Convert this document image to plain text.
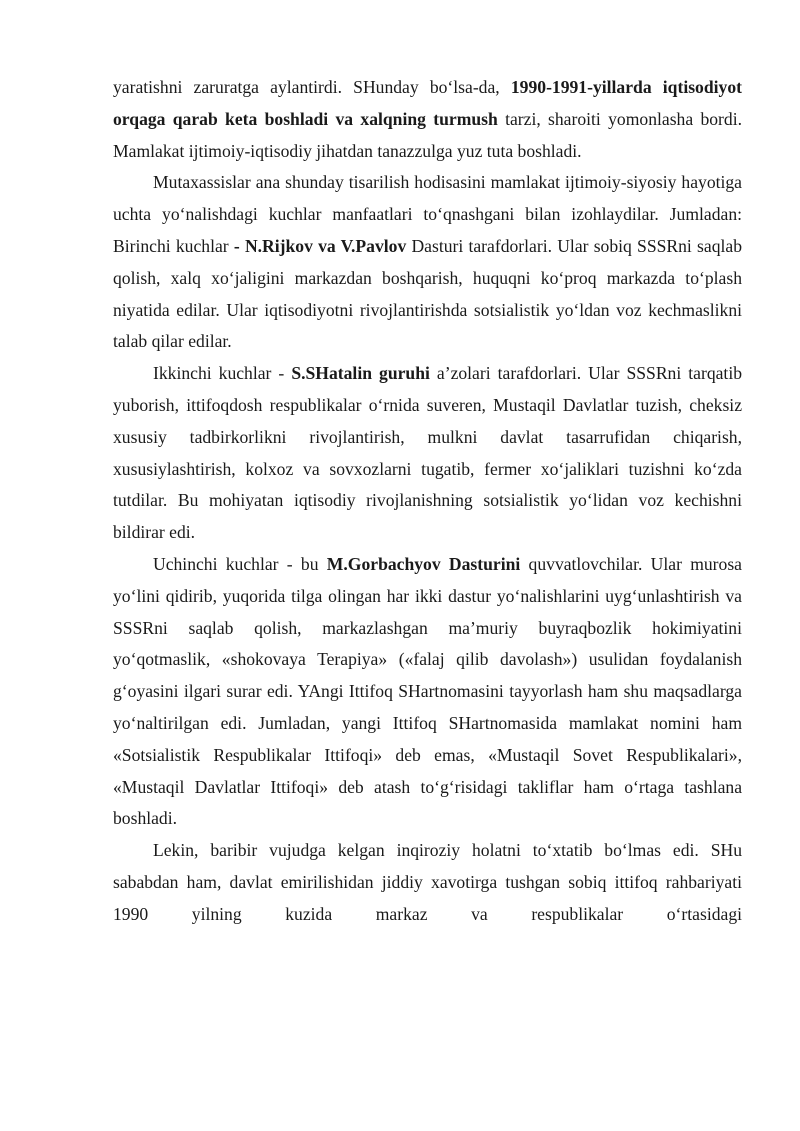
yaratishni zaruratga aylantirdi. SHunday bo‘lsa-da, 1990-1991-yillarda iqtisodiyot orqaga qarab keta boshladi va xalqning turmush tarzi, sharoiti yomonlasha bordi. Mamlakat ijtimoiy-iqtisodiy jihatdan tanazzulga yuz tuta boshladi.

Mutaxassislar ana shunday tisarilish hodisasini mamlakat ijtimoiy-siyosiy hayotiga uchta yo‘nalishdagi kuchlar manfaatlari to‘qnashgani bilan izohlaydilar. Jumladan: Birinchi kuchlar - N.Rijkov va V.Pavlov Dasturi tarafdorlari. Ular sobiq SSSRni saqlab qolish, xalq xo‘jaligini markazdan boshqarish, huquqni ko‘proq markazda to‘plash niyatida edilar. Ular iqtisodiyotni rivojlantirishda sotsialistik yo‘ldan voz kechmaslikni talab qilar edilar.

Ikkinchi kuchlar - S.SHatalin guruhi a’zolari tarafdorlari. Ular SSSRni tarqatib yuborish, ittifoqdosh respublikalar o‘rnida suveren, Mustaqil Davlatlar tuzish, cheksiz xususiy tadbirkorlikni rivojlantirish, mulkni davlat tasarrufidan chiqarish, xususiylashtirish, kolxoz va sovxozlarni tugatib, fermer xo‘jaliklari tuzishni ko‘zda tutdilar. Bu mohiyatan iqtisodiy rivojlanishning sotsialistik yo‘lidan voz kechishni bildirar edi.

Uchinchi kuchlar - bu M.Gorbachyov Dasturini quvvatlovchilar. Ular murosa yo‘lini qidirib, yuqorida tilga olingan har ikki dastur yo‘nalishlarini uyg‘unlashtirish va SSSRni saqlab qolish, markazlashgan ma’muriy buyraqbozlik hokimiyatini yo‘qotmaslik, «shokovaya Terapiya» («falaj qilib davolash») usulidan foydalanish g‘oyasini ilgari surar edi. YAngi Ittifoq SHartnomasini tayyorlash ham shu maqsadlarga yo‘naltirilgan edi. Jumladan, yangi Ittifoq SHartnomasida mamlakat nomini ham «Sotsialistik Respublikalar Ittifoqi» deb emas, «Mustaqil Sovet Respublikalari», «Mustaqil Davlatlar Ittifoqi» deb atash to‘g‘risidagi takliflar ham o‘rtaga tashlana boshladi.

Lekin, baribir vujudga kelgan inqiroziy holatni to‘xtatib bo‘lmas edi. SHu sababdan ham, davlat emirilishidan jiddiy xavotirga tushgan sobiq ittifoq rahbariyati 1990 yilning kuzida markaz va respublikalar o‘rtasidagi
